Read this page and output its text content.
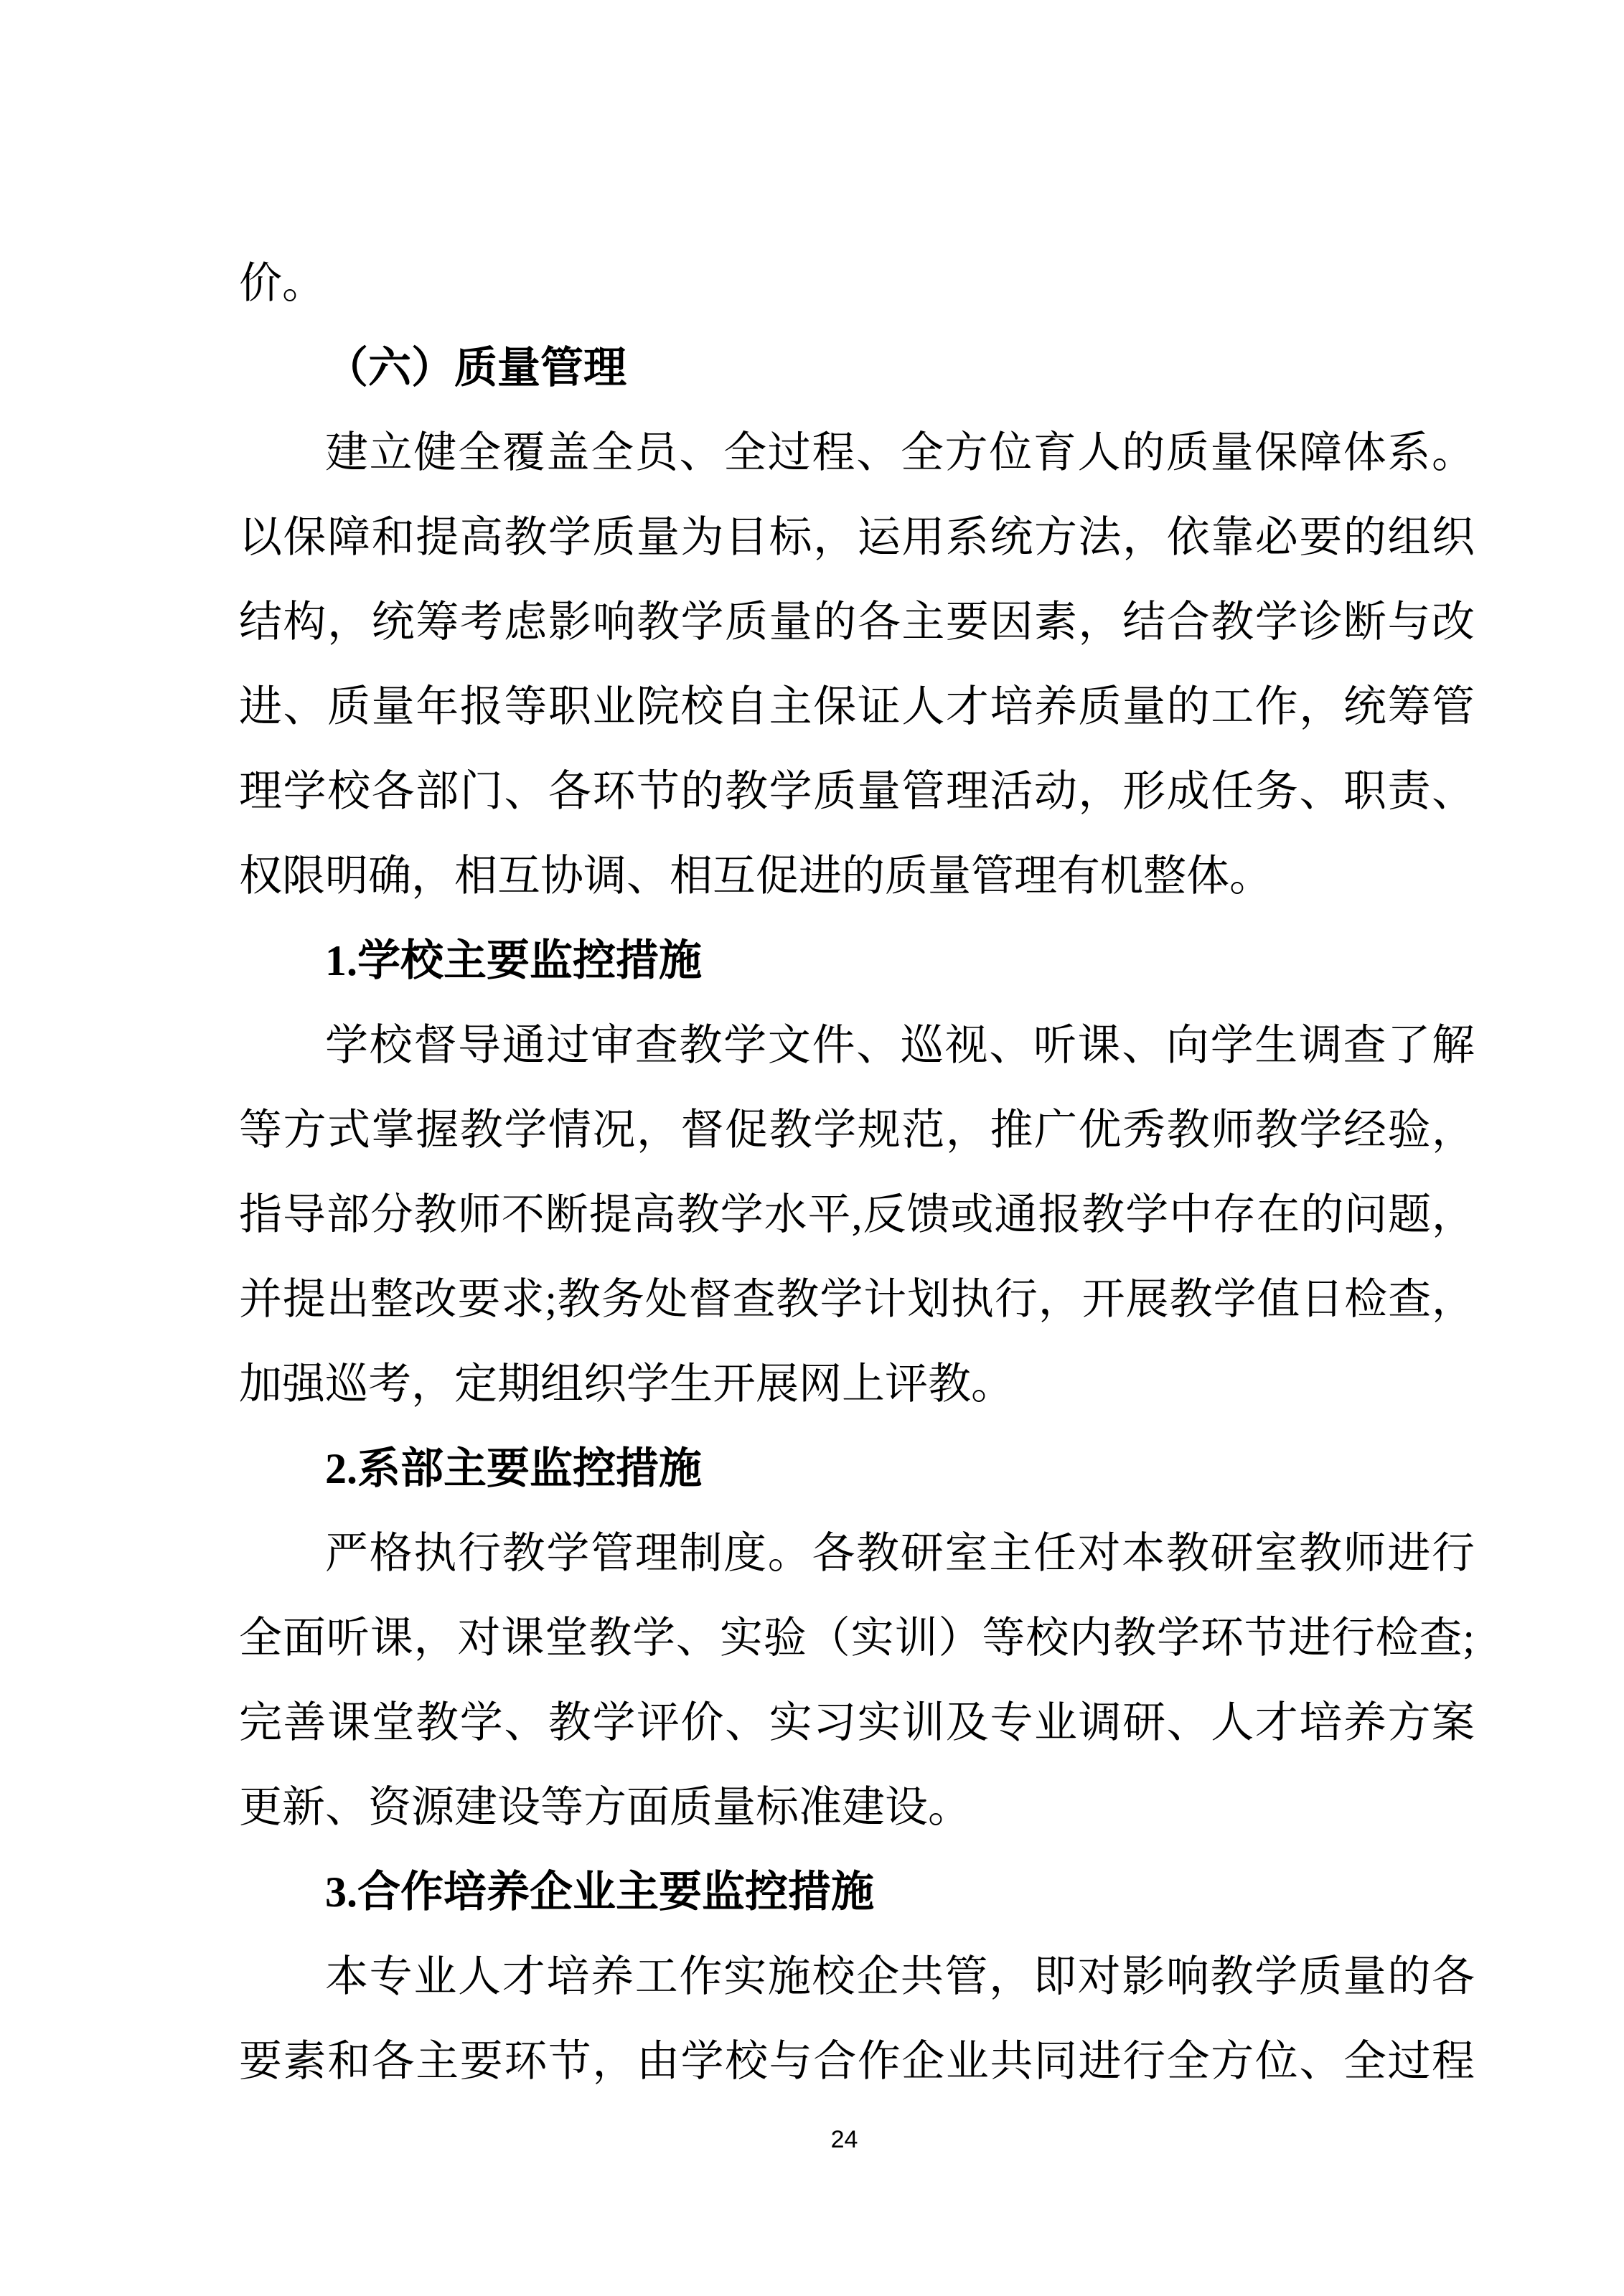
价。
（六）质量管理
建立健全覆盖全员、全过程、全方位育人的质量保障体系。
以保障和提高教学质量为目标，运用系统方法，依靠必要的组织
结构，统筹考虑影响教学质量的各主要因素，结合教学诊断与改
进、质量年报等职业院校自主保证人才培养质量的工作，统筹管
理学校各部门、各环节的教学质量管理活动，形成任务、职责、
权限明确，相互协调、相互促进的质量管理有机整体。
1.学校主要监控措施
学校督导通过审查教学文件、巡视、听课、向学生调查了解
等方式掌握教学情况，督促教学规范，推广优秀教师教学经验，
指导部分教师不断提高教学水平,反馈或通报教学中存在的问题，
并提出整改要求;教务处督查教学计划执行，开展教学值日检查，
加强巡考，定期组织学生开展网上评教。
2.系部主要监控措施
严格执行教学管理制度。各教研室主任对本教研室教师进行
全面听课，对课堂教学、实验（实训）等校内教学环节进行检查;
完善课堂教学、教学评价、实习实训及专业调研、人才培养方案
更新、资源建设等方面质量标准建设。
3.合作培养企业主要监控措施
本专业人才培养工作实施校企共管，即对影响教学质量的各
要素和各主要环节，由学校与合作企业共同进行全方位、全过程
24
